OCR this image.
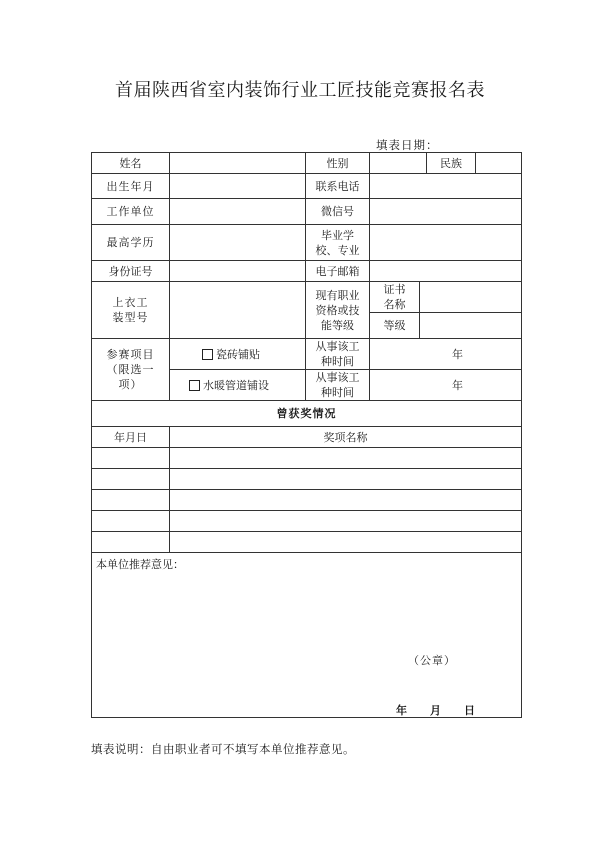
首届陕西省室内装饰行业工匠技能竞赛报名表
填表日期：
姓名		性别			民族	
出生年月		联系电话				
工作单位		微信号				
最高学历		毕业学校、专业				
身份证号		电子邮箱				
上衣工装型号		现有职业资格或技能等级	证书名称			
			等级			
参赛项目（限选一项）	瓷砖铺贴	从事该工种时间	年			
	水暖管道铺设	从事该工种时间	年			
曾获奖情况						
年月日	奖项名称					

本单位推荐意见：
（公章）
年 月 日						
填表说明：自由职业者可不填写本单位推荐意见。
